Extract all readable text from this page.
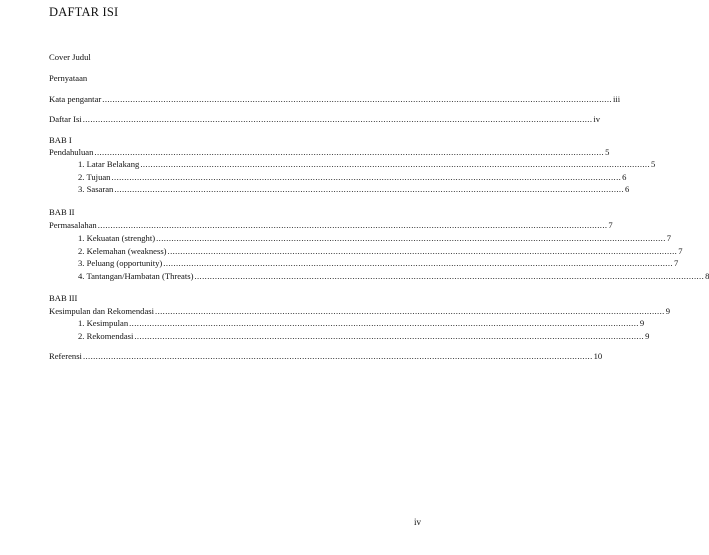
DAFTAR ISI
Cover Judul
Pernyataan
Kata pengantar ........................................................................................................................................................................................................ iii
Daftar Isi ........................................................................................................................................................................................................ iv
BAB I
Pendahuluan ........................................................................................................................................................................................................ 5
1. Latar Belakang ........................................................................................................................................................................................................ 5
2. Tujuan ........................................................................................................................................................................................................ 6
3. Sasaran ........................................................................................................................................................................................................ 6
BAB II
Permasalahan ........................................................................................................................................................................................................ 7
1. Kekuatan (strenght) ........................................................................................................................................................................................................ 7
2. Kelemahan (weakness) ........................................................................................................................................................................................................ 7
3. Peluang (opportunity) ........................................................................................................................................................................................................ 7
4. Tantangan/Hambatan (Threats) ........................................................................................................................................................................................................ 8
BAB III
Kesimpulan dan Rekomendasi ........................................................................................................................................................................................................ 9
1. Kesimpulan ........................................................................................................................................................................................................ 9
2. Rekomendasi ........................................................................................................................................................................................................ 9
Referensi ........................................................................................................................................................................................................ 10
iv
